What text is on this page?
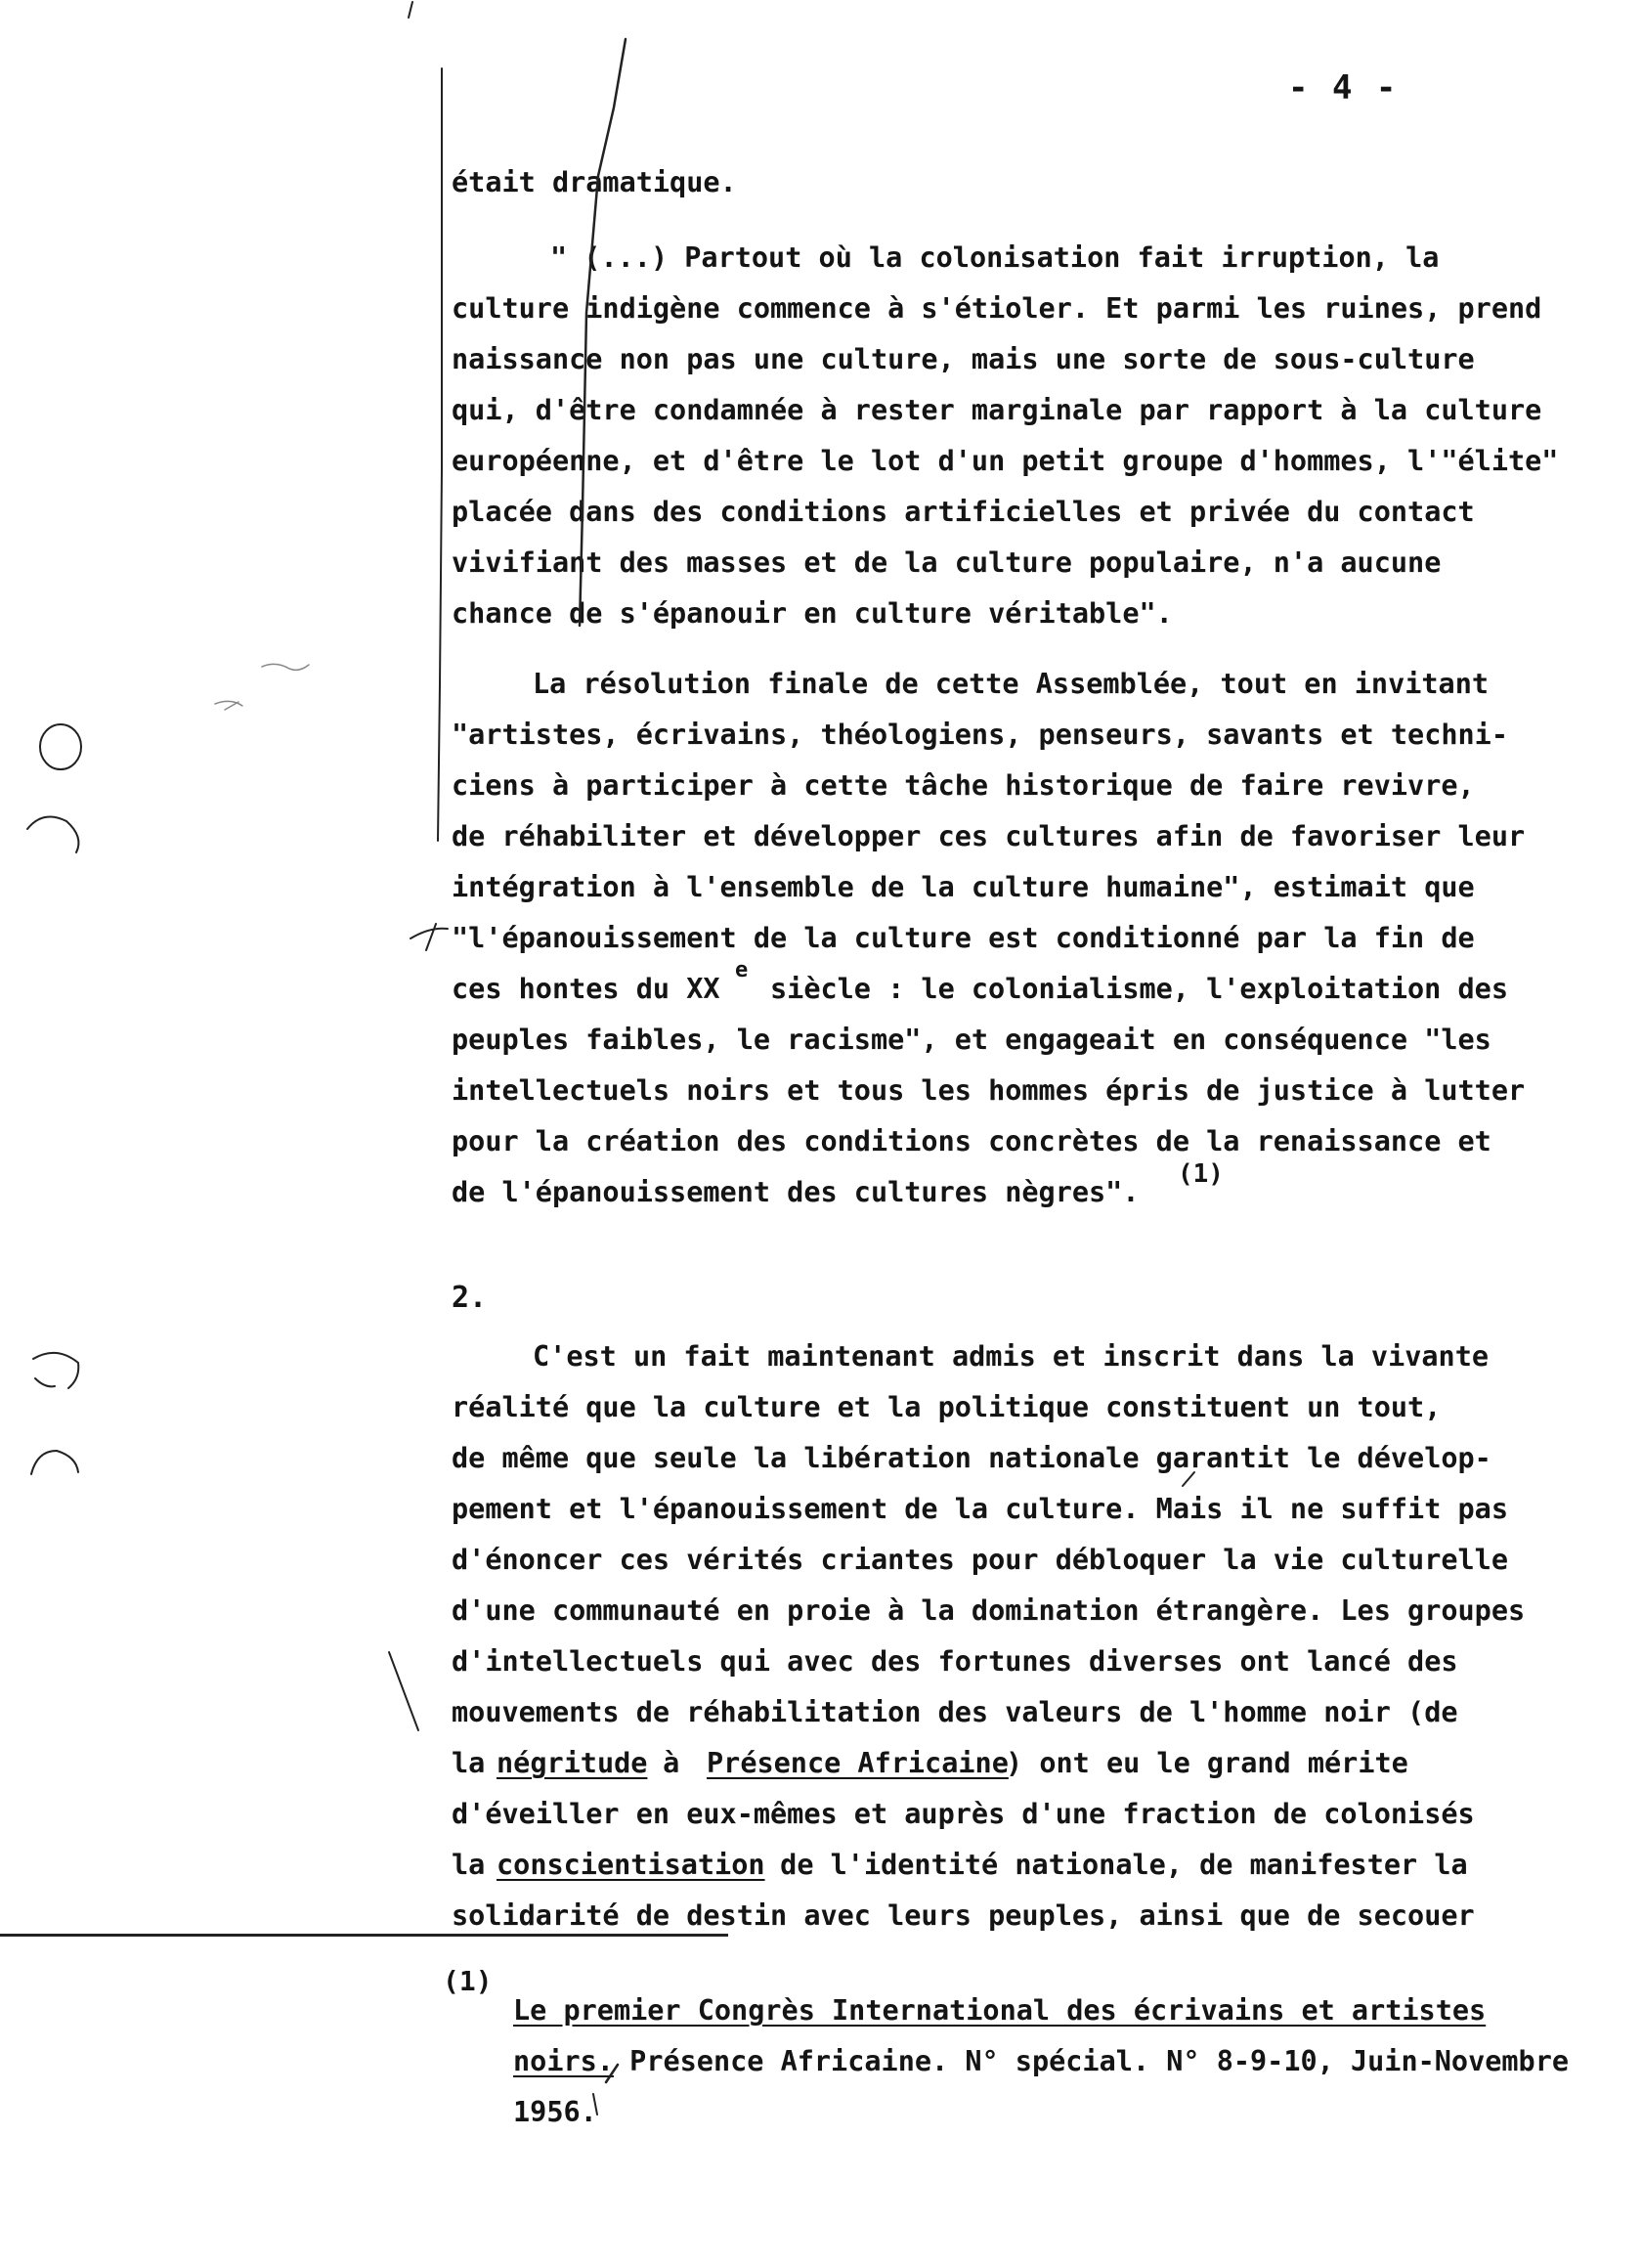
- 4 -
était dramatique.
" (...) Partout où la colonisation fait irruption, la
culture indigène commence à s'étioler. Et parmi les ruines, prend
naissance non pas une culture, mais une sorte de sous-culture
qui, d'être condamnée à rester marginale par rapport à la culture
européenne, et d'être le lot d'un petit groupe d'hommes, l'"élite"
placée dans des conditions artificielles et privée du contact
vivifiant des masses et de la culture populaire, n'a aucune
chance de s'épanouir en culture véritable".
La résolution finale de cette Assemblée, tout en invitant
"artistes, écrivains, théologiens, penseurs, savants et techni-
ciens à participer à cette tâche historique de faire revivre,
de réhabiliter et développer ces cultures afin de favoriser leur
intégration à l'ensemble de la culture humaine", estimait que
"l'épanouissement de la culture est conditionné par la fin de
ces hontes du XX
e
siècle : le colonialisme, l'exploitation des
peuples faibles, le racisme", et engageait en conséquence "les
intellectuels noirs et tous les hommes épris de justice à lutter
pour la création des conditions concrètes de la renaissance et
de l'épanouissement des cultures nègres".
(1)
2.
C'est un fait maintenant admis et inscrit dans la vivante
réalité que la culture et la politique constituent un tout,
de même que seule la libération nationale garantit le dévelop-
pement et l'épanouissement de la culture. Mais il ne suffit pas
d'énoncer ces vérités criantes pour débloquer la vie culturelle
d'une communauté en proie à la domination étrangère. Les groupes
d'intellectuels qui avec des fortunes diverses ont lancé des
mouvements de réhabilitation des valeurs de l'homme noir (de
la
négritude
à Présence Africaine
) ont eu le grand mérite
d'éveiller en eux-mêmes et auprès d'une fraction de colonisés
la
conscientisation
de l'identité nationale, de manifester la
solidarité de destin avec leurs peuples, ainsi que de secouer
(1)
Le premier Congrès International des écrivains et artistes
noirs. Présence Africaine. N° spécial. N° 8-9-10, Juin-Novembre
1956.
